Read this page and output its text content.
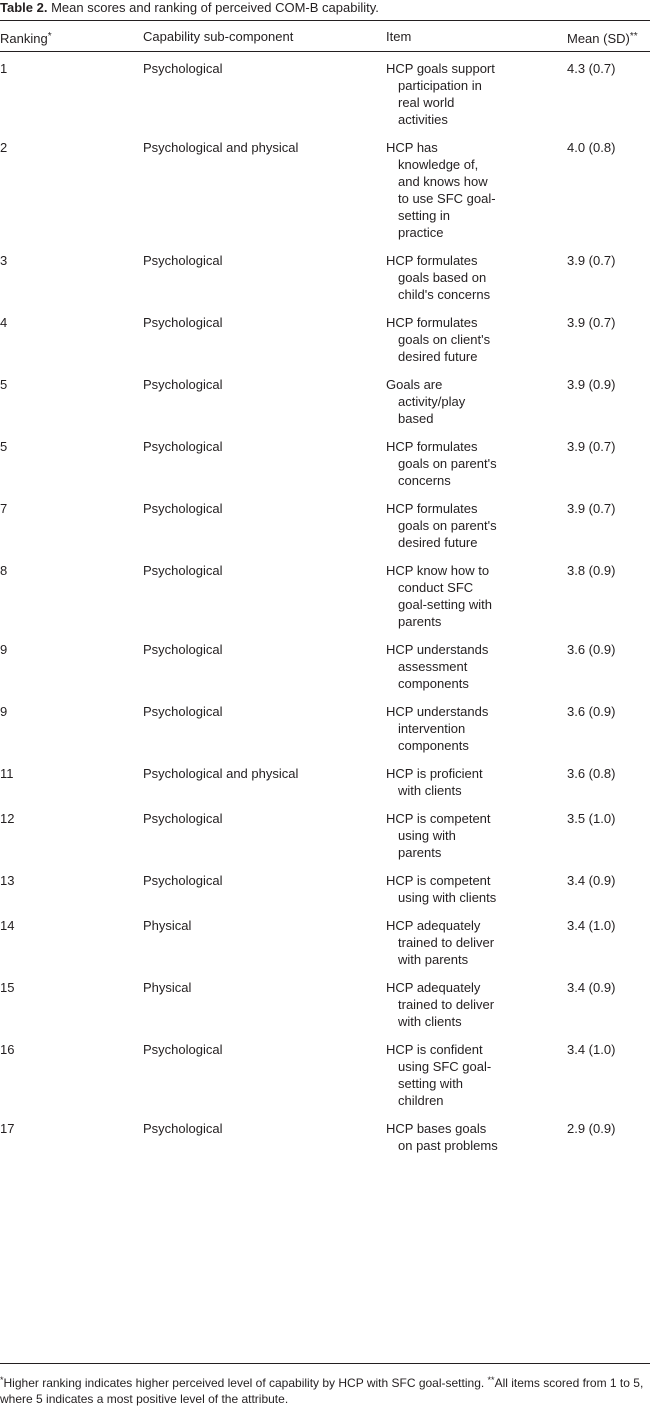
Table 2. Mean scores and ranking of perceived COM-B capability.
Ranking*	Capability sub-component	Item	Mean (SD)**
1	Psychological	HCP goals support participation in real world activities	4.3 (0.7)
2	Psychological and physical	HCP has knowledge of, and knows how to use SFC goal-setting in practice	4.0 (0.8)
3	Psychological	HCP formulates goals based on child's concerns	3.9 (0.7)
4	Psychological	HCP formulates goals on client's desired future	3.9 (0.7)
5	Psychological	Goals are activity/play based	3.9 (0.9)
5	Psychological	HCP formulates goals on parent's concerns	3.9 (0.7)
7	Psychological	HCP formulates goals on parent's desired future	3.9 (0.7)
8	Psychological	HCP know how to conduct SFC goal-setting with parents	3.8 (0.9)
9	Psychological	HCP understands assessment components	3.6 (0.9)
9	Psychological	HCP understands intervention components	3.6 (0.9)
11	Psychological and physical	HCP is proficient with clients	3.6 (0.8)
12	Psychological	HCP is competent using with parents	3.5 (1.0)
13	Psychological	HCP is competent using with clients	3.4 (0.9)
14	Physical	HCP adequately trained to deliver with parents	3.4 (1.0)
15	Physical	HCP adequately trained to deliver with clients	3.4 (0.9)
16	Psychological	HCP is confident using SFC goal-setting with children	3.4 (1.0)
17	Psychological	HCP bases goals on past problems	2.9 (0.9)
*Higher ranking indicates higher perceived level of capability by HCP with SFC goal-setting. **All items scored from 1 to 5, where 5 indicates a most positive level of the attribute.
